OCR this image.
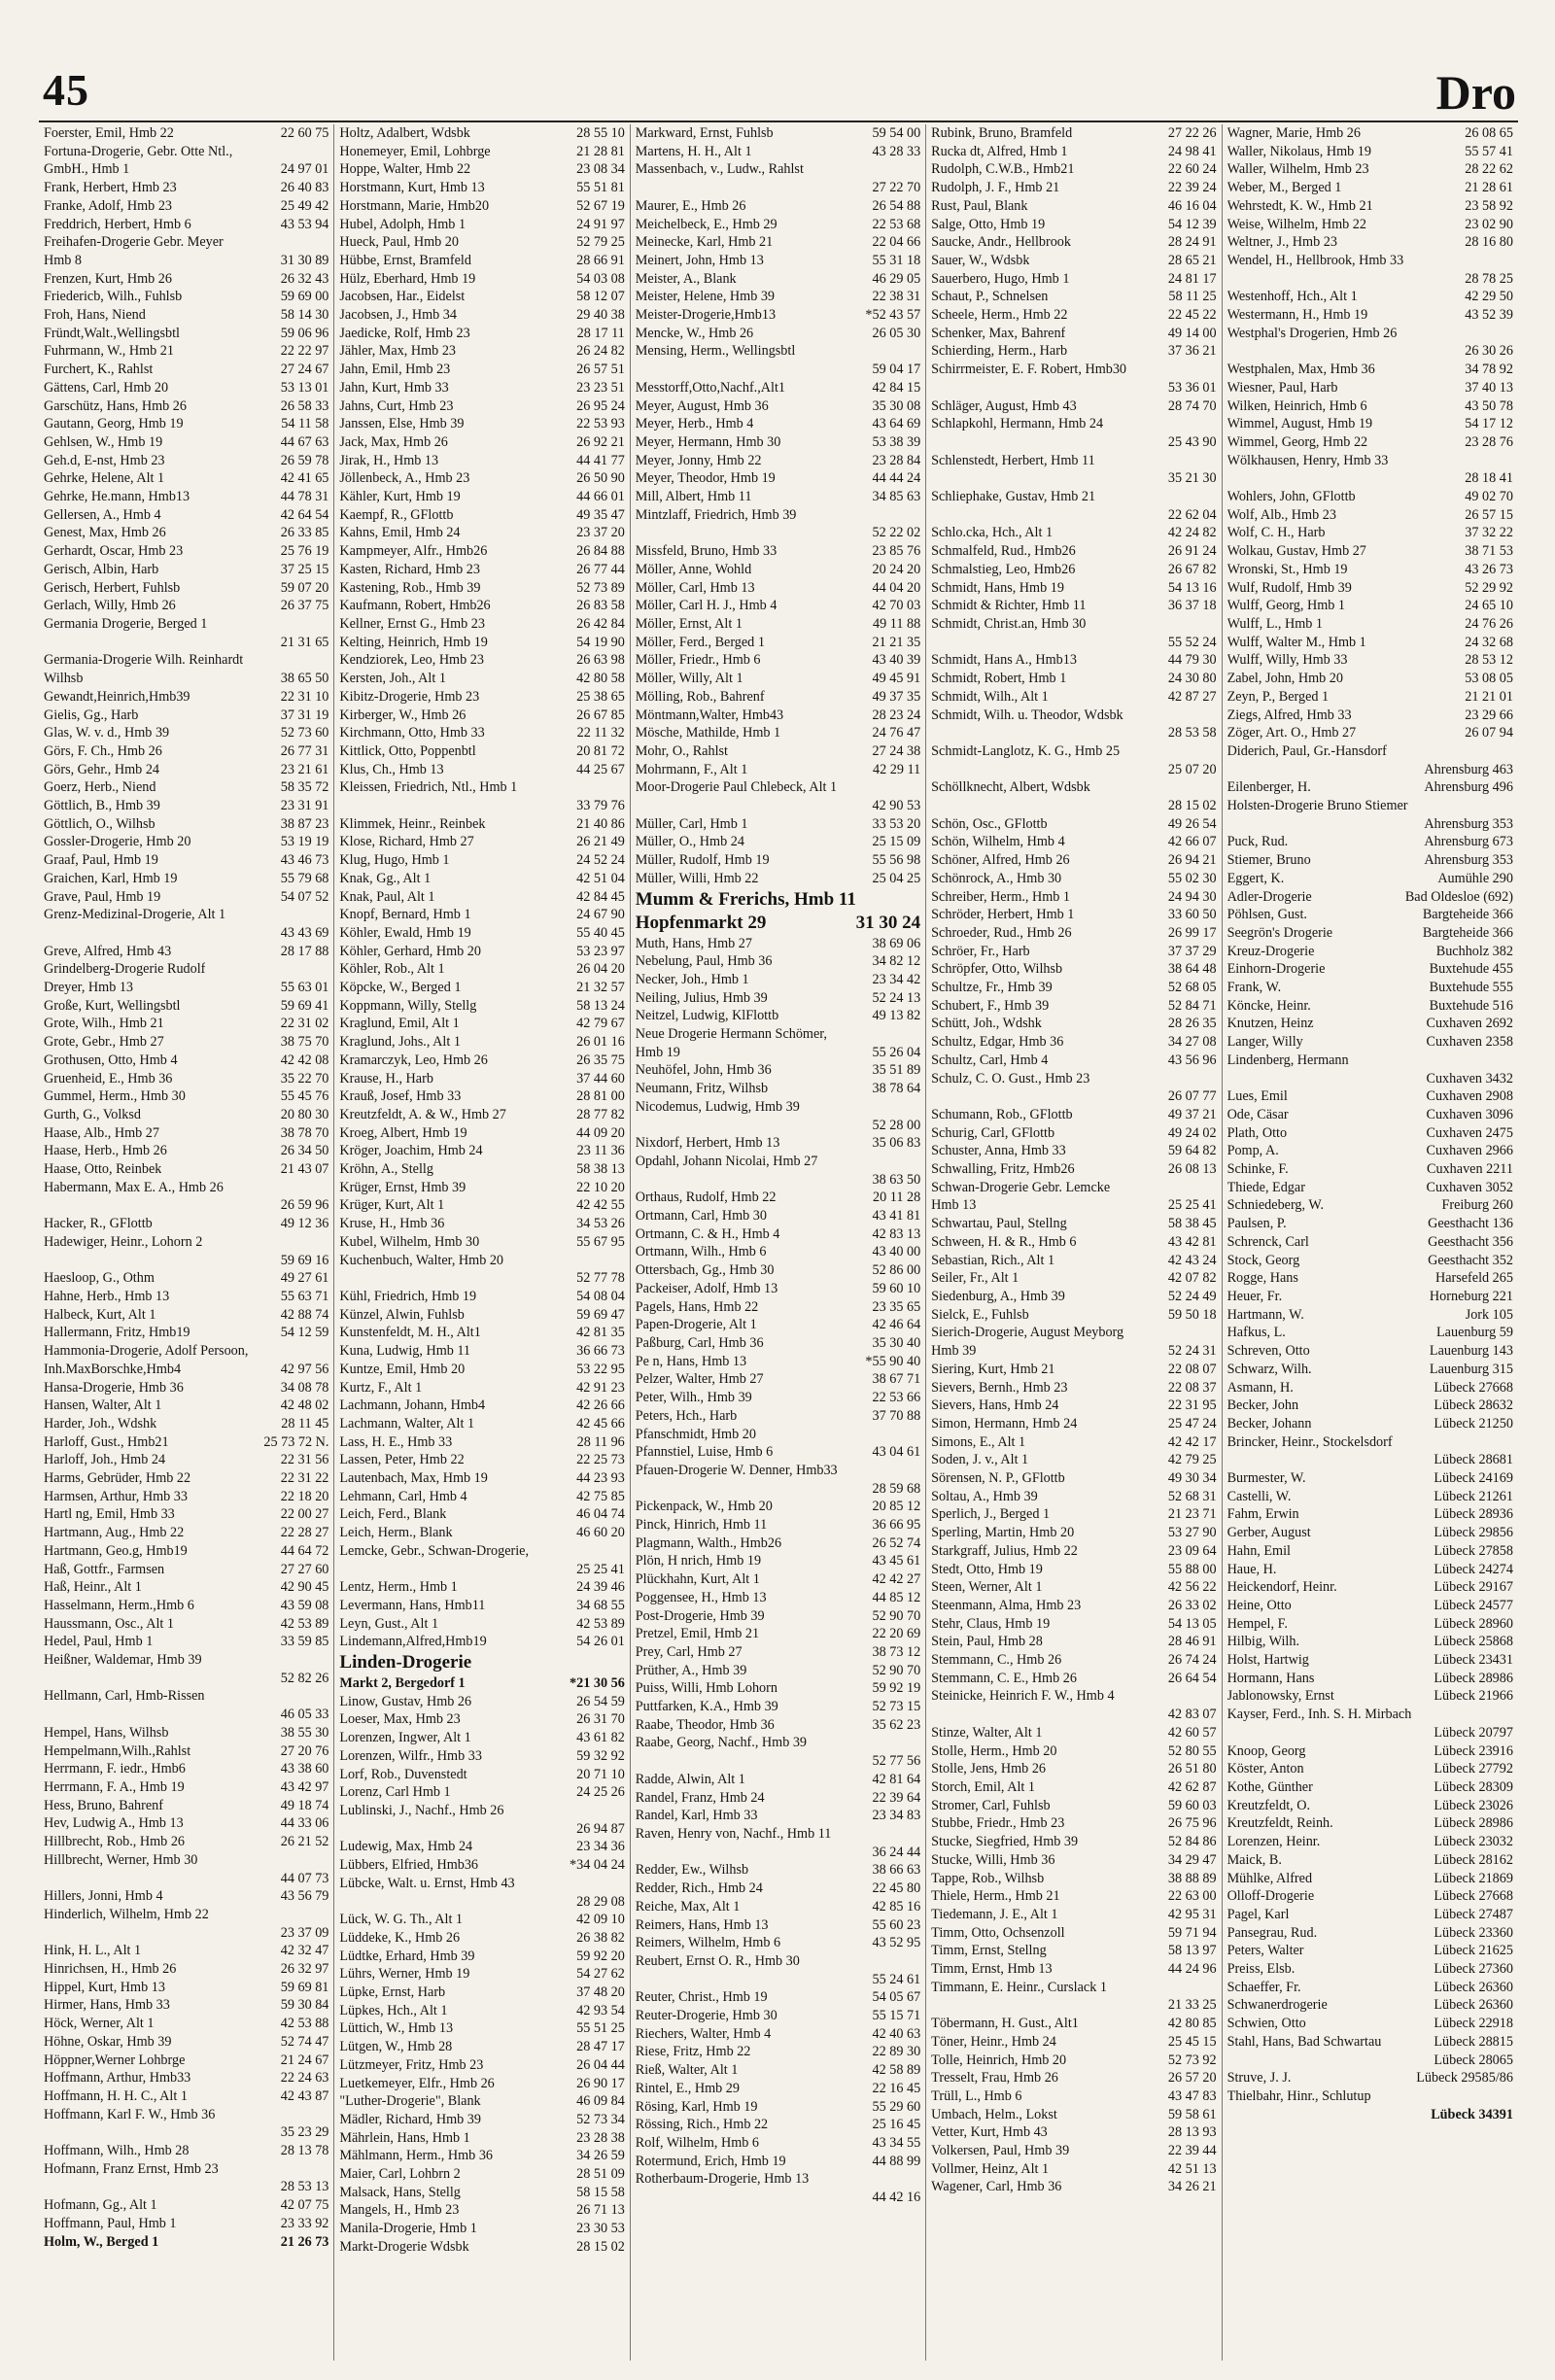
45	Dro
Foerster, Emil, Hmb 22	22 60 75
Fortuna-Drogerie, Gebr. Otte Ntl.,
GmbH., Hmb 1	24 97 01
Frank, Herbert, Hmb 23	26 40 83
Franke, Adolf, Hmb 23	25 49 42
Freddrich, Herbert, Hmb 6	43 53 94
Freihafen-Drogerie Gebr. Meyer
Hmb 8	31 30 89
Frenzen, Kurt, Hmb 26	26 32 43
Friedericb, Wilh., Fuhlsb	59 69 00
Froh, Hans, Niend	58 14 30
Fründt,Walt.,Wellingsbtl	59 06 96
Fuhrmann, W., Hmb 21	22 22 97
Furchert, K., Rahlst	27 24 67
Gättens, Carl, Hmb 20	53 13 01
Garschütz, Hans, Hmb 26	26 58 33
Gautann, Georg, Hmb 19	54 11 58
Gehlsen, W., Hmb 19	44 67 63
Geh.d, E-nst, Hmb 23	26 59 78
Gehrke, Helene, Alt 1	42 41 65
Gehrke, He.mann, Hmb13	44 78 31
Gellersen, A., Hmb 4	42 64 54
Genest, Max, Hmb 26	26 33 85
Gerhardt, Oscar, Hmb 23	25 76 19
Gerisch, Albin, Harb	37 25 15
Gerisch, Herbert, Fuhlsb	59 07 20
Gerlach, Willy, Hmb 26	26 37 75
Germania Drogerie, Berged 1
21 31 65
Germania-Drogerie Wilh. Reinhardt
Wilhsb	38 65 50
Gewandt,Heinrich,Hmb39	22 31 10
Gielis, Gg., Harb	37 31 19
Glas, W. v. d., Hmb 39	52 73 60
Görs, F. Ch., Hmb 26	26 77 31
Görs, Gehr., Hmb 24	23 21 61
Goerz, Herb., Niend	58 35 72
Göttlich, B., Hmb 39	23 31 91
Göttlich, O., Wilhsb	38 87 23
Gossler-Drogerie, Hmb 20	53 19 19
Graaf, Paul, Hmb 19	43 46 73
Graichen, Karl, Hmb 19	55 79 68
Grave, Paul, Hmb 19	54 07 52
Grenz-Medizinal-Drogerie, Alt 1
43 43 69
Greve, Alfred, Hmb 43	28 17 88
Grindelberg-Drogerie Rudolf
Dreyer, Hmb 13	55 63 01
Große, Kurt, Wellingsbtl	59 69 41
Grote, Wilh., Hmb 21	22 31 02
Grote, Gebr., Hmb 27	38 75 70
Grothusen, Otto, Hmb 4	42 42 08
Gruenheid, E., Hmb 36	35 22 70
Gummel, Herm., Hmb 30	55 45 76
Gurth, G., Volksd	20 80 30
Haase, Alb., Hmb 27	38 78 70
Haase, Herb., Hmb 26	26 34 50
Haase, Otto, Reinbek	21 43 07
Habermann, Max E. A., Hmb 26
26 59 96
Hacker, R., GFlottb	49 12 36
Hadewiger, Heinr., Lohorn 2
59 69 16
Haesloop, G., Othm	49 27 61
Hahne, Herb., Hmb 13	55 63 71
Halbeck, Kurt, Alt 1	42 88 74
Hallermann, Fritz, Hmb19	54 12 59
Hammonia-Drogerie, Adolf Persoon,
Inh.MaxBorschke,Hmb4	42 97 56
Hansa-Drogerie, Hmb 36	34 08 78
Hansen, Walter, Alt 1	42 48 02
Harder, Joh., Wdshk	28 11 45
Harloff, Gust., Hmb21	25 73 72 N.
Harloff, Joh., Hmb 24	22 31 56
Harms, Gebrüder, Hmb 22	22 31 22
Harmsen, Arthur, Hmb 33	22 18 20
Hartl ng, Emil, Hmb 33	22 00 27
Hartmann, Aug., Hmb 22	22 28 27
Hartmann, Geo.g, Hmb19	44 64 72
Haß, Gottfr., Farmsen	27 27 60
Haß, Heinr., Alt 1	42 90 45
Hasselmann, Herm.,Hmb 6	43 59 08
Haussmann, Osc., Alt 1	42 53 89
Hedel, Paul, Hmb 1	33 59 85
Heißner, Waldemar, Hmb 39
52 82 26
Hellmann, Carl, Hmb-Rissen
46 05 33
Hempel, Hans, Wilhsb	38 55 30
Hempelmann,Wilh.,Rahlst	27 20 76
Herrmann, F. iedr., Hmb6	43 38 60
Herrmann, F. A., Hmb 19	43 42 97
Hess, Bruno, Bahrenf	49 18 74
Hev, Ludwig A., Hmb 13	44 33 06
Hillbrecht, Rob., Hmb 26	26 21 52
Hillbrecht, Werner, Hmb 30
44 07 73
Hillers, Jonni, Hmb 4	43 56 79
Hinderlich, Wilhelm, Hmb 22
23 37 09
Hink, H. L., Alt 1	42 32 47
Hinrichsen, H., Hmb 26	26 32 97
Hippel, Kurt, Hmb 13	59 69 81
Hirmer, Hans, Hmb 33	59 30 84
Höck, Werner, Alt 1	42 53 88
Höhne, Oskar, Hmb 39	52 74 47
Höppner,Werner Lohbrge	21 24 67
Hoffmann, Arthur, Hmb33	22 24 63
Hoffmann, H. H. C., Alt 1	42 43 87
Hoffmann, Karl F. W., Hmb 36
35 23 29
Hoffmann, Wilh., Hmb 28	28 13 78
Hofmann, Franz Ernst, Hmb 23
28 53 13
Hofmann, Gg., Alt 1	42 07 75
Hoffmann, Paul, Hmb 1	23 33 92
Holm, W., Berged 1	21 26 73
Holtz, Adalbert, Wdsbk	28 55 10
Honemeyer, Emil, Lohbrge	21 28 81
Hoppe, Walter, Hmb 22	23 08 34
Horstmann, Kurt, Hmb 13	55 51 81
Horstmann, Marie, Hmb20	52 67 19
Hubel, Adolph, Hmb 1	24 91 97
Hueck, Paul, Hmb 20	52 79 25
Hübbe, Ernst, Bramfeld	28 66 91
Hülz, Eberhard, Hmb 19	54 03 08
Jacobsen, Har., Eidelst	58 12 07
Jacobsen, J., Hmb 34	29 40 38
Jaedicke, Rolf, Hmb 23	28 17 11
Jähler, Max, Hmb 23	26 24 82
Jahn, Emil, Hmb 23	26 57 51
Jahn, Kurt, Hmb 33	23 23 51
Jahns, Curt, Hmb 23	26 95 24
Janssen, Else, Hmb 39	22 53 93
Jack, Max, Hmb 26	26 92 21
Jirak, H., Hmb 13	44 41 77
Jöllenbeck, A., Hmb 23	26 50 90
Kähler, Kurt, Hmb 19	44 66 01
Kaempf, R., GFlottb	49 35 47
Kahns, Emil, Hmb 24	23 37 20
Kampmeyer, Alfr., Hmb26	26 84 88
Kasten, Richard, Hmb 23	26 77 44
Kastening, Rob., Hmb 39	52 73 89
Kaufmann, Robert, Hmb26	26 83 58
Kellner, Ernst G., Hmb 23	26 42 84
Kelting, Heinrich, Hmb 19	54 19 90
Kendziorek, Leo, Hmb 23	26 63 98
Kersten, Joh., Alt 1	42 80 58
Kibitz-Drogerie, Hmb 23	25 38 65
Kirberger, W., Hmb 26	26 67 85
Kirchmann, Otto, Hmb 33	22 11 32
Kittlick, Otto, Poppenbtl	20 81 72
Klus, Ch., Hmb 13	44 25 67
Kleissen, Friedrich, Ntl., Hmb 1
33 79 76
Klimmek, Heinr., Reinbek	21 40 86
Klose, Richard, Hmb 27	26 21 49
Klug, Hugo, Hmb 1	24 52 24
Knak, Gg., Alt 1	42 51 04
Knak, Paul, Alt 1	42 84 45
Knopf, Bernard, Hmb 1	24 67 90
Köhler, Ewald, Hmb 19	55 40 45
Köhler, Gerhard, Hmb 20	53 23 97
Köhler, Rob., Alt 1	26 04 20
Köpcke, W., Berged 1	21 32 57
Koppmann, Willy, Stellg	58 13 24
Kraglund, Emil, Alt 1	42 79 67
Kraglund, Johs., Alt 1	26 01 16
Kramarczyk, Leo, Hmb 26	26 35 75
Krause, H., Harb	37 44 60
Krauß, Josef, Hmb 33	28 81 00
Kreutzfeldt, A. & W., Hmb 27	28 77 82
Kroeg, Albert, Hmb 19	44 09 20
Kröger, Joachim, Hmb 24	23 11 36
Kröhn, A., Stellg	58 38 13
Krüger, Ernst, Hmb 39	22 10 20
Krüger, Kurt, Alt 1	42 42 55
Kruse, H., Hmb 36	34 53 26
Kubel, Wilhelm, Hmb 30	55 67 95
Kuchenbuch, Walter, Hmb 20
52 77 78
Kühl, Friedrich, Hmb 19	54 08 04
Künzel, Alwin, Fuhlsb	59 69 47
Kunstenfeldt, M. H., Alt1	42 81 35
Kuna, Ludwig, Hmb 11	36 66 73
Kuntze, Emil, Hmb 20	53 22 95
Kurtz, F., Alt 1	42 91 23
Lachmann, Johann, Hmb4	42 26 66
Lachmann, Walter, Alt 1	42 45 66
Lass, H. E., Hmb 33	28 11 96
Lassen, Peter, Hmb 22	22 25 73
Lautenbach, Max, Hmb 19	44 23 93
Lehmann, Carl, Hmb 4	42 75 85
Leich, Ferd., Blank	46 04 74
Leich, Herm., Blank	46 60 20
Lemcke, Gebr., Schwan-Drogerie,
25 25 41
Lentz, Herm., Hmb 1	24 39 46
Levermann, Hans, Hmb11	34 68 55
Leyn, Gust., Alt 1	42 53 89
Lindemann,Alfred,Hmb19	54 26 01
Linden-Drogerie
Markt 2, Bergedorf 1	*21 30 56
Linow, Gustav, Hmb 26	26 54 59
Loeser, Max, Hmb 23	26 31 70
Lorenzen, Ingwer, Alt 1	43 61 82
Lorenzen, Wilfr., Hmb 33	59 32 92
Lorf, Rob., Duvenstedt	20 71 10
Lorenz, Carl Hmb 1	24 25 26
Lublinski, J., Nachf., Hmb 26
26 94 87
Ludewig, Max, Hmb 24	23 34 36
Lübbers, Elfried, Hmb36	*34 04 24
Lübcke, Walt. u. Ernst, Hmb 43
28 29 08
Lück, W. G. Th., Alt 1	42 09 10
Lüddeke, K., Hmb 26	26 38 82
Lüdtke, Erhard, Hmb 39	59 92 20
Lührs, Werner, Hmb 19	54 27 62
Lüpke, Ernst, Harb	37 48 20
Lüpkes, Hch., Alt 1	42 93 54
Lüttich, W., Hmb 13	55 51 25
Lütgen, W., Hmb 28	28 47 17
Lützmeyer, Fritz, Hmb 23	26 04 44
Luetkemeyer, Elfr., Hmb 26	26 90 17
"Luther-Drogerie", Blank	46 09 84
Mädler, Richard, Hmb 39	52 73 34
Mährlein, Hans, Hmb 1	23 28 38
Mählmann, Herm., Hmb 36	34 26 59
Maier, Carl, Lohbrn 2	28 51 09
Malsack, Hans, Stellg	58 15 58
Mangels, H., Hmb 23	26 71 13
Manila-Drogerie, Hmb 1	23 30 53
Markt-Drogerie Wdsbk	28 15 02
Markward, Ernst, Fuhlsb	59 54 00
Martens, H. H., Alt 1	43 28 33
Massenbach, v., Ludw., Rahlst
27 22 70
Maurer, E., Hmb 26	26 54 88
Meichelbeck, E., Hmb 29	22 53 68
Meinecke, Karl, Hmb 21	22 04 66
Meinert, John, Hmb 13	55 31 18
Meister, A., Blank	46 29 05
Meister, Helene, Hmb 39	22 38 31
Meister-Drogerie,Hmb13	*52 43 57
Mencke, W., Hmb 26	26 05 30
Mensing, Herm., Wellingsbtl
59 04 17
Messtorff,Otto,Nachf.,Alt1	42 84 15
Meyer, August, Hmb 36	35 30 08
Meyer, Herb., Hmb 4	43 64 69
Meyer, Hermann, Hmb 30	53 38 39
Meyer, Jonny, Hmb 22	23 28 84
Meyer, Theodor, Hmb 19	44 44 24
Mill, Albert, Hmb 11	34 85 63
Mintzlaff, Friedrich, Hmb 39
52 22 02
Missfeld, Bruno, Hmb 33	23 85 76
Möller, Anne, Wohld	20 24 20
Möller, Carl, Hmb 13	44 04 20
Möller, Carl H. J., Hmb 4	42 70 03
Möller, Ernst, Alt 1	49 11 88
Möller, Ferd., Berged 1	21 21 35
Möller, Friedr., Hmb 6	43 40 39
Möller, Willy, Alt 1	49 45 91
Mölling, Rob., Bahrenf	49 37 35
Möntmann,Walter, Hmb43	28 23 24
Mösche, Mathilde, Hmb 1	24 76 47
Mohr, O., Rahlst	27 24 38
Mohrmann, F., Alt 1	42 29 11
Moor-Drogerie Paul Chlebeck, Alt 1
42 90 53
Müller, Carl, Hmb 1	33 53 20
Müller, O., Hmb 24	25 15 09
Müller, Rudolf, Hmb 19	55 56 98
Müller, Willi, Hmb 22	25 04 25
Mumm & Frerichs, Hmb 11
Hopfenmarkt 29	31 30 24
Muth, Hans, Hmb 27	38 69 06
Nebelung, Paul, Hmb 36	34 82 12
Necker, Joh., Hmb 1	23 34 42
Neiling, Julius, Hmb 39	52 24 13
Neitzel, Ludwig, KlFlottb	49 13 82
Neue Drogerie Hermann Schömer,
Hmb 19	55 26 04
Neuhöfel, John, Hmb 36	35 51 89
Neumann, Fritz, Wilhsb	38 78 64
Nicodemus, Ludwig, Hmb 39
52 28 00
Nixdorf, Herbert, Hmb 13	35 06 83
Opdahl, Johann Nicolai, Hmb 27
38 63 50
Orthaus, Rudolf, Hmb 22	20 11 28
Ortmann, Carl, Hmb 30	43 41 81
Ortmann, C. & H., Hmb 4	42 83 13
Ortmann, Wilh., Hmb 6	43 40 00
Ottersbach, Gg., Hmb 30	52 86 00
Packeiser, Adolf, Hmb 13	59 60 10
Pagels, Hans, Hmb 22	23 35 65
Papen-Drogerie, Alt 1	42 46 64
Paßburg, Carl, Hmb 36	35 30 40
Pe n, Hans, Hmb 13	*55 90 40
Pelzer, Walter, Hmb 27	38 67 71
Peter, Wilh., Hmb 39	22 53 66
Peters, Hch., Harb	37 70 88
Pfanschmidt, Hmb 20
Pfannstiel, Luise, Hmb 6	43 04 61
Pfauen-Drogerie W. Denner, Hmb33
28 59 68
Pickenpack, W., Hmb 20	20 85 12
Pinck, Hinrich, Hmb 11	36 66 95
Plagmann, Walth., Hmb26	26 52 74
Plön, H nrich, Hmb 19	43 45 61
Plückhahn, Kurt, Alt 1	42 42 27
Poggensee, H., Hmb 13	44 85 12
Post-Drogerie, Hmb 39	52 90 70
Pretzel, Emil, Hmb 21	22 20 69
Prey, Carl, Hmb 27	38 73 12
Prüther, A., Hmb 39	52 90 70
Puiss, Willi, Hmb Lohorn	59 92 19
Puttfarken, K.A., Hmb 39	52 73 15
Raabe, Theodor, Hmb 36	35 62 23
Raabe, Georg, Nachf., Hmb 39
52 77 56
Radde, Alwin, Alt 1	42 81 64
Randel, Franz, Hmb 24	22 39 64
Randel, Karl, Hmb 33	23 34 83
Raven, Henry von, Nachf., Hmb 11
36 24 44
Redder, Ew., Wilhsb	38 66 63
Redder, Rich., Hmb 24	22 45 80
Reiche, Max, Alt 1	42 85 16
Reimers, Hans, Hmb 13	55 60 23
Reimers, Wilhelm, Hmb 6	43 52 95
Reubert, Ernst O. R., Hmb 30
55 24 61
Reuter, Christ., Hmb 19	54 05 67
Reuter-Drogerie, Hmb 30	55 15 71
Riechers, Walter, Hmb 4	42 40 63
Riese, Fritz, Hmb 22	22 89 30
Rieß, Walter, Alt 1	42 58 89
Rintel, E., Hmb 29	22 16 45
Rösing, Karl, Hmb 19	55 29 60
Rössing, Rich., Hmb 22	25 16 45
Rolf, Wilhelm, Hmb 6	43 34 55
Rotermund, Erich, Hmb 19	44 88 99
Rotherbaum-Drogerie, Hmb 13
44 42 16
Rubink, Bruno, Bramfeld	27 22 26
Rucka dt, Alfred, Hmb 1	24 98 41
Rudolph, C.W.B., Hmb21	22 60 24
Rudolph, J. F., Hmb 21	22 39 24
Rust, Paul, Blank	46 16 04
Salge, Otto, Hmb 19	54 12 39
Saucke, Andr., Hellbrook	28 24 91
Sauer, W., Wdsbk	28 65 21
Sauerbero, Hugo, Hmb 1	24 81 17
Schaut, P., Schnelsen	58 11 25
Scheele, Herm., Hmb 22	22 45 22
Schenker, Max, Bahrenf	49 14 00
Schierding, Herm., Harb	37 36 21
Schirrmeister, E. F. Robert, Hmb30
53 36 01
Schläger, August, Hmb 43	28 74 70
Schlapkohl, Hermann, Hmb 24
25 43 90
Schlenstedt, Herbert, Hmb 11
35 21 30
Schliephake, Gustav, Hmb 21
22 62 04
Schlo.cka, Hch., Alt 1	42 24 82
Schmalfeld, Rud., Hmb26	26 91 24
Schmalstieg, Leo, Hmb26	26 67 82
Schmidt, Hans, Hmb 19	54 13 16
Schmidt & Richter, Hmb 11	36 37 18
Schmidt, Christ.an, Hmb 30
55 52 24
Schmidt, Hans A., Hmb13	44 79 30
Schmidt, Robert, Hmb 1	24 30 80
Schmidt, Wilh., Alt 1	42 87 27
Schmidt, Wilh. u. Theodor, Wdsbk
28 53 58
Schmidt-Langlotz, K. G., Hmb 25
25 07 20
Schöllknecht, Albert, Wdsbk
28 15 02
Schön, Osc., GFlottb	49 26 54
Schön, Wilhelm, Hmb 4	42 66 07
Schöner, Alfred, Hmb 26	26 94 21
Schönrock, A., Hmb 30	55 02 30
Schreiber, Herm., Hmb 1	24 94 30
Schröder, Herbert, Hmb 1	33 60 50
Schroeder, Rud., Hmb 26	26 99 17
Schröer, Fr., Harb	37 37 29
Schröpfer, Otto, Wilhsb	38 64 48
Schultze, Fr., Hmb 39	52 68 05
Schubert, F., Hmb 39	52 84 71
Schütt, Joh., Wdshk	28 26 35
Schultz, Edgar, Hmb 36	34 27 08
Schultz, Carl, Hmb 4	43 56 96
Schulz, C. O. Gust., Hmb 23
26 07 77
Schumann, Rob., GFlottb	49 37 21
Schurig, Carl, GFlottb	49 24 02
Schuster, Anna, Hmb 33	59 64 82
Schwalling, Fritz, Hmb26	26 08 13
Schwan-Drogerie Gebr. Lemcke
Hmb 13	25 25 41
Schwartau, Paul, Stellng	58 38 45
Schween, H. & R., Hmb 6	43 42 81
Sebastian, Rich., Alt 1	42 43 24
Seiler, Fr., Alt 1	42 07 82
Siedenburg, A., Hmb 39	52 24 49
Sielck, E., Fuhlsb	59 50 18
Sierich-Drogerie, August Meyborg
Hmb 39	52 24 31
Siering, Kurt, Hmb 21	22 08 07
Sievers, Bernh., Hmb 23	22 08 37
Sievers, Hans, Hmb 24	22 31 95
Simon, Hermann, Hmb 24	25 47 24
Simons, E., Alt 1	42 42 17
Soden, J. v., Alt 1	42 79 25
Sörensen, N. P., GFlottb	49 30 34
Soltau, A., Hmb 39	52 68 31
Sperlich, J., Berged 1	21 23 71
Sperling, Martin, Hmb 20	53 27 90
Starkgraff, Julius, Hmb 22	23 09 64
Stedt, Otto, Hmb 19	55 88 00
Steen, Werner, Alt 1	42 56 22
Steenmann, Alma, Hmb 23	26 33 02
Stehr, Claus, Hmb 19	54 13 05
Stein, Paul, Hmb 28	28 46 91
Stemmann, C., Hmb 26	26 74 24
Stemmann, C. E., Hmb 26	26 64 54
Steinicke, Heinrich F. W., Hmb 4
42 83 07
Stinze, Walter, Alt 1	42 60 57
Stolle, Herm., Hmb 20	52 80 55
Stolle, Jens, Hmb 26	26 51 80
Storch, Emil, Alt 1	42 62 87
Stromer, Carl, Fuhlsb	59 60 03
Stubbe, Friedr., Hmb 23	26 75 96
Stucke, Siegfried, Hmb 39	52 84 86
Stucke, Willi, Hmb 36	34 29 47
Tappe, Rob., Wilhsb	38 88 89
Thiele, Herm., Hmb 21	22 63 00
Tiedemann, J. E., Alt 1	42 95 31
Timm, Otto, Ochsenzoll	59 71 94
Timm, Ernst, Stellng	58 13 97
Timm, Ernst, Hmb 13	44 24 96
Timmann, E. Heinr., Curslack 1
21 33 25
Töbermann, H. Gust., Alt1	42 80 85
Töner, Heinr., Hmb 24	25 45 15
Tolle, Heinrich, Hmb 20	52 73 92
Tresselt, Frau, Hmb 26	26 57 20
Trüll, L., Hmb 6	43 47 83
Umbach, Helm., Lokst	59 58 61
Vetter, Kurt, Hmb 43	28 13 93
Volkersen, Paul, Hmb 39	22 39 44
Vollmer, Heinz, Alt 1	42 51 13
Wagener, Carl, Hmb 36	34 26 21
Wagner, Marie, Hmb 26	26 08 65
Waller, Nikolaus, Hmb 19	55 57 41
Waller, Wilhelm, Hmb 23	28 22 62
Weber, M., Berged 1	21 28 61
Wehrstedt, K. W., Hmb 21	23 58 92
Weise, Wilhelm, Hmb 22	23 02 90
Weltner, J., Hmb 23	28 16 80
Wendel, H., Hellbrook, Hmb 33
28 78 25
Westenhoff, Hch., Alt 1	42 29 50
Westermann, H., Hmb 19	43 52 39
Westphal's Drogerien, Hmb 26
26 30 26
Westphalen, Max, Hmb 36	34 78 92
Wiesner, Paul, Harb	37 40 13
Wilken, Heinrich, Hmb 6	43 50 78
Wimmel, August, Hmb 19	54 17 12
Wimmel, Georg, Hmb 22	23 28 76
Wölkhausen, Henry, Hmb 33
28 18 41
Wohlers, John, GFlottb	49 02 70
Wolf, Alb., Hmb 23	26 57 15
Wolf, C. H., Harb	37 32 22
Wolkau, Gustav, Hmb 27	38 71 53
Wronski, St., Hmb 19	43 26 73
Wulf, Rudolf, Hmb 39	52 29 92
Wulff, Georg, Hmb 1	24 65 10
Wulff, L., Hmb 1	24 76 26
Wulff, Walter M., Hmb 1	24 32 68
Wulff, Willy, Hmb 33	28 53 12
Zabel, John, Hmb 20	53 08 05
Zeyn, P., Berged 1	21 21 01
Ziegs, Alfred, Hmb 33	23 29 66
Zöger, Art. O., Hmb 27	26 07 94
Diderich, Paul, Gr.-Hansdorf
Ahrensburg 463
Eilenberger, H.	Ahrensburg 496
Holsten-Drogerie Bruno Stiemer
Ahrensburg 353
Puck, Rud.	Ahrensburg 673
Stiemer, Bruno	Ahrensburg 353
Eggert, K.	Aumühle 290
Adler-Drogerie	Bad Oldesloe (692)
Pöhlsen, Gust.	Bargteheide 366
Seegrön's Drogerie	Bargteheide 366
Kreuz-Drogerie	Buchholz 382
Einhorn-Drogerie	Buxtehude 455
Frank, W.	Buxtehude 555
Köncke, Heinr.	Buxtehude 516
Knutzen, Heinz	Cuxhaven 2692
Langer, Willy	Cuxhaven 2358
Lindenberg, Hermann
Cuxhaven 3432
Lues, Emil	Cuxhaven 2908
Ode, Cäsar	Cuxhaven 3096
Plath, Otto	Cuxhaven 2475
Pomp, A.	Cuxhaven 2966
Schinke, F.	Cuxhaven 2211
Thiede, Edgar	Cuxhaven 3052
Schniedeberg, W.	Freiburg 260
Paulsen, P.	Geesthacht 136
Schrenck, Carl	Geesthacht 356
Stock, Georg	Geesthacht 352
Rogge, Hans	Harsefeld 265
Heuer, Fr.	Horneburg 221
Hartmann, W.	Jork 105
Hafkus, L.	Lauenburg 59
Schreven, Otto	Lauenburg 143
Schwarz, Wilh.	Lauenburg 315
Asmann, H.	Lübeck 27668
Becker, John	Lübeck 28632
Becker, Johann	Lübeck 21250
Brincker, Heinr., Stockelsdorf
Lübeck 28681
Burmester, W.	Lübeck 24169
Castelli, W.	Lübeck 21261
Fahm, Erwin	Lübeck 28936
Gerber, August	Lübeck 29856
Hahn, Emil	Lübeck 27858
Haue, H.	Lübeck 24274
Heickendorf, Heinr.	Lübeck 29167
Heine, Otto	Lübeck 24577
Hempel, F.	Lübeck 28960
Hilbig, Wilh.	Lübeck 25868
Holst, Hartwig	Lübeck 23431
Hormann, Hans	Lübeck 28986
Jablonowsky, Ernst	Lübeck 21966
Kayser, Ferd., Inh. S. H. Mirbach
Lübeck 20797
Knoop, Georg	Lübeck 23916
Köster, Anton	Lübeck 27792
Kothe, Günther	Lübeck 28309
Kreutzfeldt, O.	Lübeck 23026
Kreutzfeldt, Reinh.	Lübeck 28986
Lorenzen, Heinr.	Lübeck 23032
Maick, B.	Lübeck 28162
Mühlke, Alfred	Lübeck 21869
Olloff-Drogerie	Lübeck 27668
Pagel, Karl	Lübeck 27487
Pansegrau, Rud.	Lübeck 23360
Peters, Walter	Lübeck 21625
Preiss, Elsb.	Lübeck 27360
Schaeffer, Fr.	Lübeck 26360
Schwanerdrogerie	Lübeck 26360
Schwien, Otto	Lübeck 22918
Stahl, Hans, Bad Schwartau	Lübeck 28815
Lübeck 28065
Struve, J. J.	Lübeck 29585/86
Thielbahr, Hinr., Schlutup
Lübeck 34391
